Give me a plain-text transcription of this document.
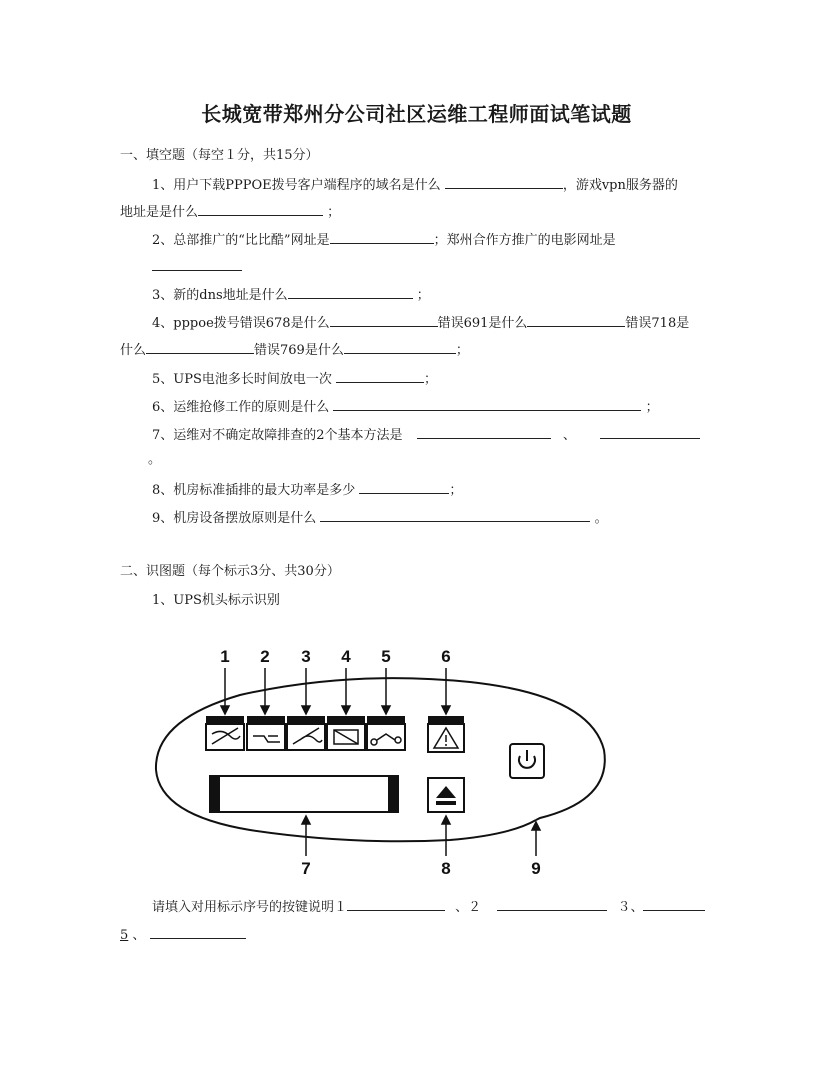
长城宽带郑州分公司社区运维工程师面试笔试题
一、填空题（每空１分，共15分）
1、用户下载PPPOE拨号客户端程序的域名是什么	，游戏vpn服务器的
地址是是什么	；
2、总部推广的“比比酷”网址是	；郑州合作方推广的电影网址是
3、新的dns地址是什么	；
4、pppoe拨号错误678是什么	错误691是什么	错误718是
什么	错误769是什么	；
5、UPS电池多长时间放电一次	；
6、运维抢修工作的原则是什么	；
7、运维对不确定故障排查的2个基本方法是	、
。
8、机房标准插排的最大功率是多少	；
9、机房设备摆放原则是什么	。
二、识图题（每个标示3分、共30分）
1、UPS机头标示识别
1 2 3 4 5	6
7	8	9
请填入对用标示序号的按键说明１	、２	３、
5 、
